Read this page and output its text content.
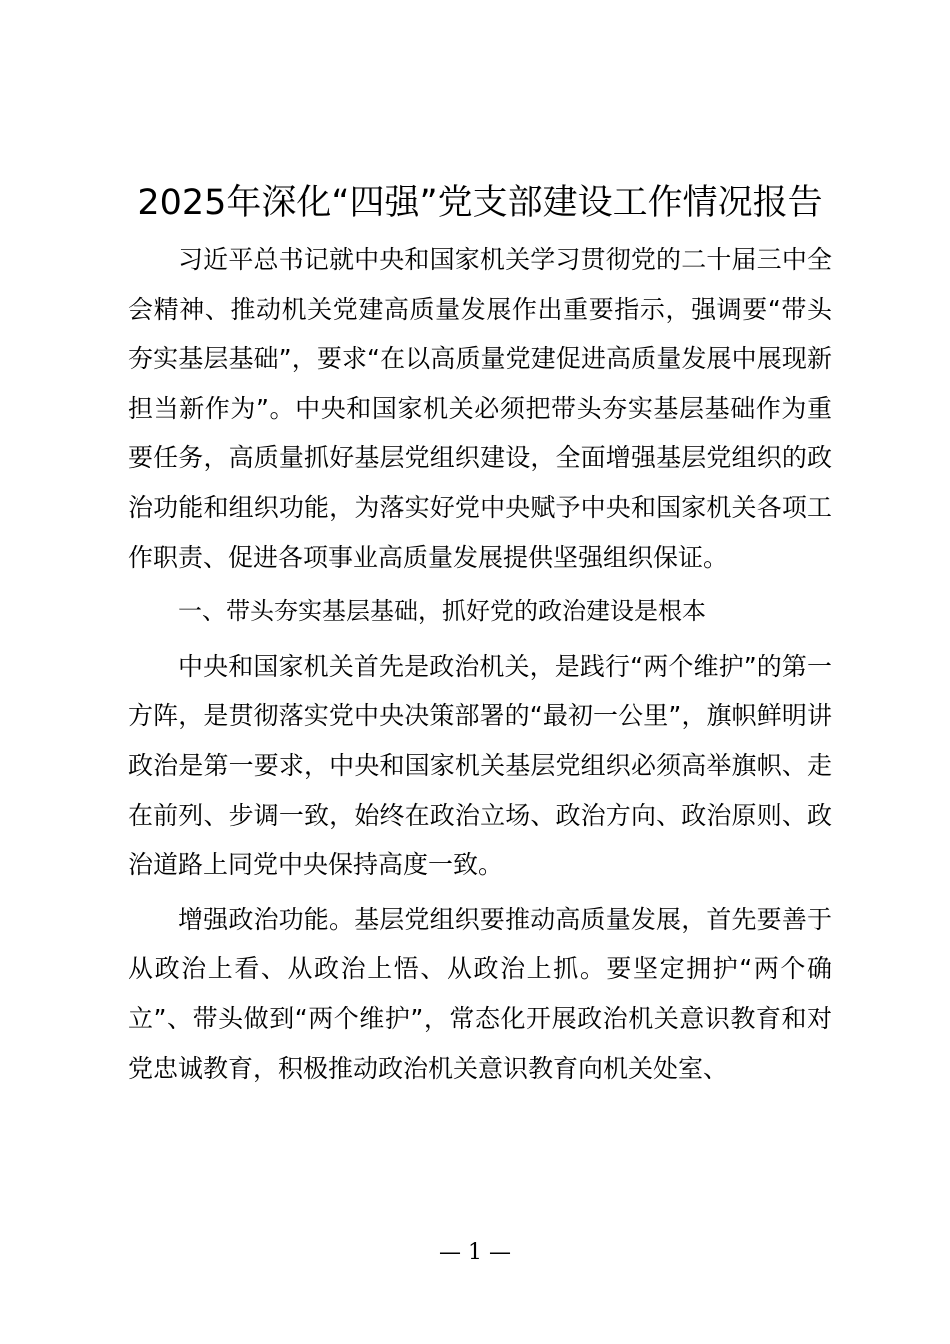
2025年深化“四强”党支部建设工作情况报告

习近平总书记就中央和国家机关学习贯彻党的二十届三中全会精神、推动机关党建高质量发展作出重要指示，强调要“带头夯实基层基础”，要求“在以高质量党建促进高质量发展中展现新担当新作为”。中央和国家机关必须把带头夯实基层基础作为重要任务，高质量抓好基层党组织建设，全面增强基层党组织的政治功能和组织功能，为落实好党中央赋予中央和国家机关各项工作职责、促进各项事业高质量发展提供坚强组织保证。

一、带头夯实基层基础，抓好党的政治建设是根本

中央和国家机关首先是政治机关，是践行“两个维护”的第一方阵，是贯彻落实党中央决策部署的“最初一公里”，旗帜鲜明讲政治是第一要求，中央和国家机关基层党组织必须高举旗帜、走在前列、步调一致，始终在政治立场、政治方向、政治原则、政治道路上同党中央保持高度一致。

增强政治功能。基层党组织要推动高质量发展，首先要善于从政治上看、从政治上悟、从政治上抓。要坚定拥护“两个确立”、带头做到“两个维护”，常态化开展政治机关意识教育和对党忠诚教育，积极推动政治机关意识教育向机关处室、

— 1 —
